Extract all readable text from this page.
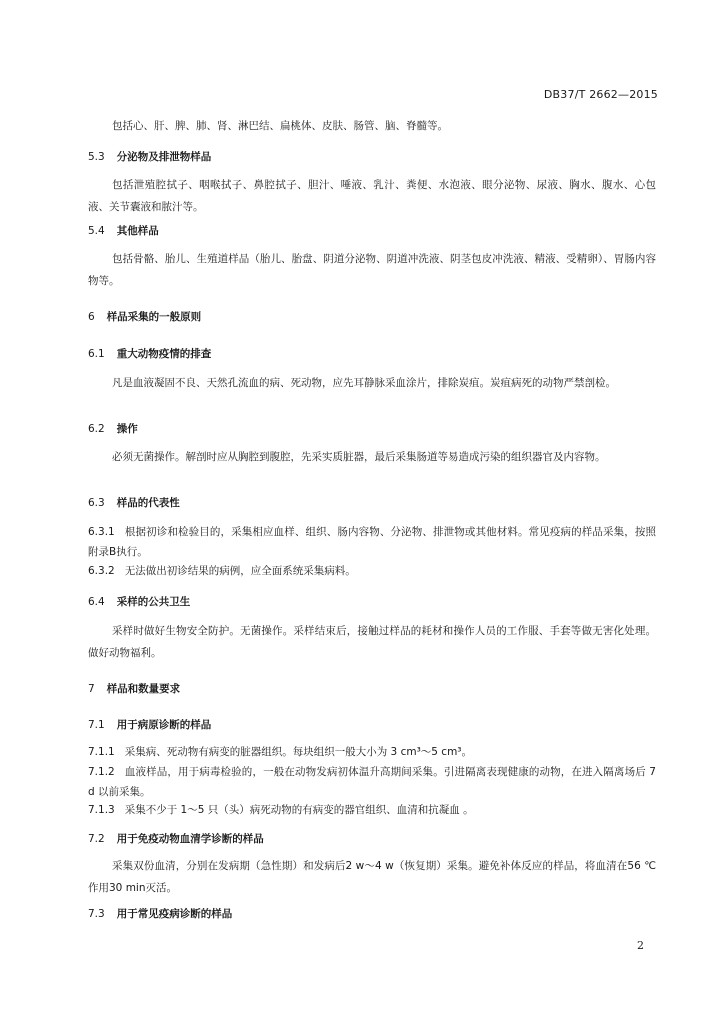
DB37/T 2662—2015
包括心、肝、脾、肺、肾、淋巴结、扁桃体、皮肤、肠管、脑、脊髓等。
5.3 分泌物及排泄物样品
包括泄殖腔拭子、咽喉拭子、鼻腔拭子、胆汁、唾液、乳汁、粪便、水泡液、眼分泌物、尿液、胸水、腹水、心包液、关节囊液和脓汁等。
5.4 其他样品
包括骨骼、胎儿、生殖道样品（胎儿、胎盘、阴道分泌物、阴道冲洗液、阴茎包皮冲洗液、精液、受精卵）、胃肠内容物等。
6 样品采集的一般原则
6.1 重大动物疫情的排查
凡是血液凝固不良、天然孔流血的病、死动物，应先耳静脉采血涂片，排除炭疽。炭疽病死的动物严禁剖检。
6.2 操作
必须无菌操作。解剖时应从胸腔到腹腔，先采实质脏器，最后采集肠道等易造成污染的组织器官及内容物。
6.3 样品的代表性
6.3.1 根据初诊和检验目的，采集相应血样、组织、肠内容物、分泌物、排泄物或其他材料。常见疫病的样品采集，按照附录B执行。
6.3.2 无法做出初诊结果的病例，应全面系统采集病料。
6.4 采样的公共卫生
采样时做好生物安全防护。无菌操作。采样结束后，接触过样品的耗材和操作人员的工作服、手套等做无害化处理。做好动物福利。
7 样品和数量要求
7.1 用于病原诊断的样品
7.1.1 采集病、死动物有病变的脏器组织。每块组织一般大小为 3 cm³～5 cm³。
7.1.2 血液样品，用于病毒检验的，一般在动物发病初体温升高期间采集。引进隔离表现健康的动物，在进入隔离场后 7 d 以前采集。
7.1.3 采集不少于 1～5 只（头）病死动物的有病变的器官组织、血清和抗凝血 。
7.2 用于免疫动物血清学诊断的样品
采集双份血清，分别在发病期（急性期）和发病后2 w～4 w（恢复期）采集。避免补体反应的样品，将血清在56 ℃作用30 min灭活。
7.3 用于常见疫病诊断的样品
2
